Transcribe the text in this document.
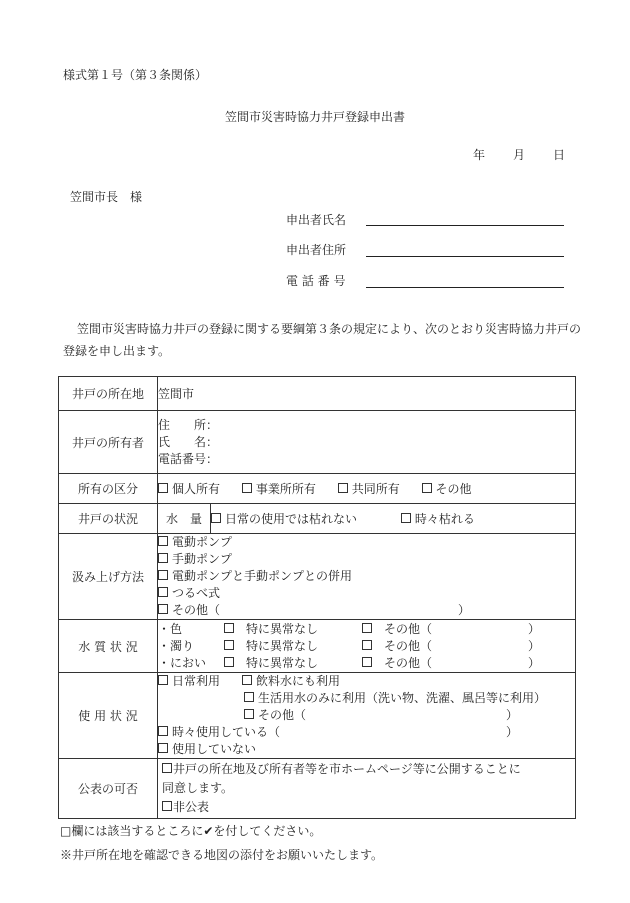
様式第１号（第３条関係）
笠間市災害時協力井戸登録申出書
年 月 日
笠間市長　様
申出者氏名
申出者住所
電 話 番 号
笠間市災害時協力井戸の登録に関する要綱第３条の規定により、次のとおり災害時協力井戸の登録を申し出ます。
井戸の所在地	笠間市	
井戸の所有者	住　　所：
氏　　名：
電話番号：	

所有の区分	個人所有 事業所所有 共同所有 その他	
井戸の状況	水　量	日常の使用では枯れない 時々枯れる
汲み上げ方法	電動ポンプ
手動ポンプ
電動ポンプと手動ポンプとの併用
つるべ式
その他（ ）	

水 質 状 況	・色 特に異常なし その他（ ）
・濁り 特に異常なし その他（ ）
・におい 特に異常なし その他（ ）	

使 用 状 況	日常利用 飲料水にも利用
生活用水のみに利用（洗い物、洗濯、風呂等に利用）
その他（ ）
時々使用している（ ）
使用していない	

公表の可否	井戸の所在地及び所有者等を市ホームページ等に公開することに
同意します。
非公表	
□欄には該当するところに✔を付してください。
※井戸所在地を確認できる地図の添付をお願いいたします。
